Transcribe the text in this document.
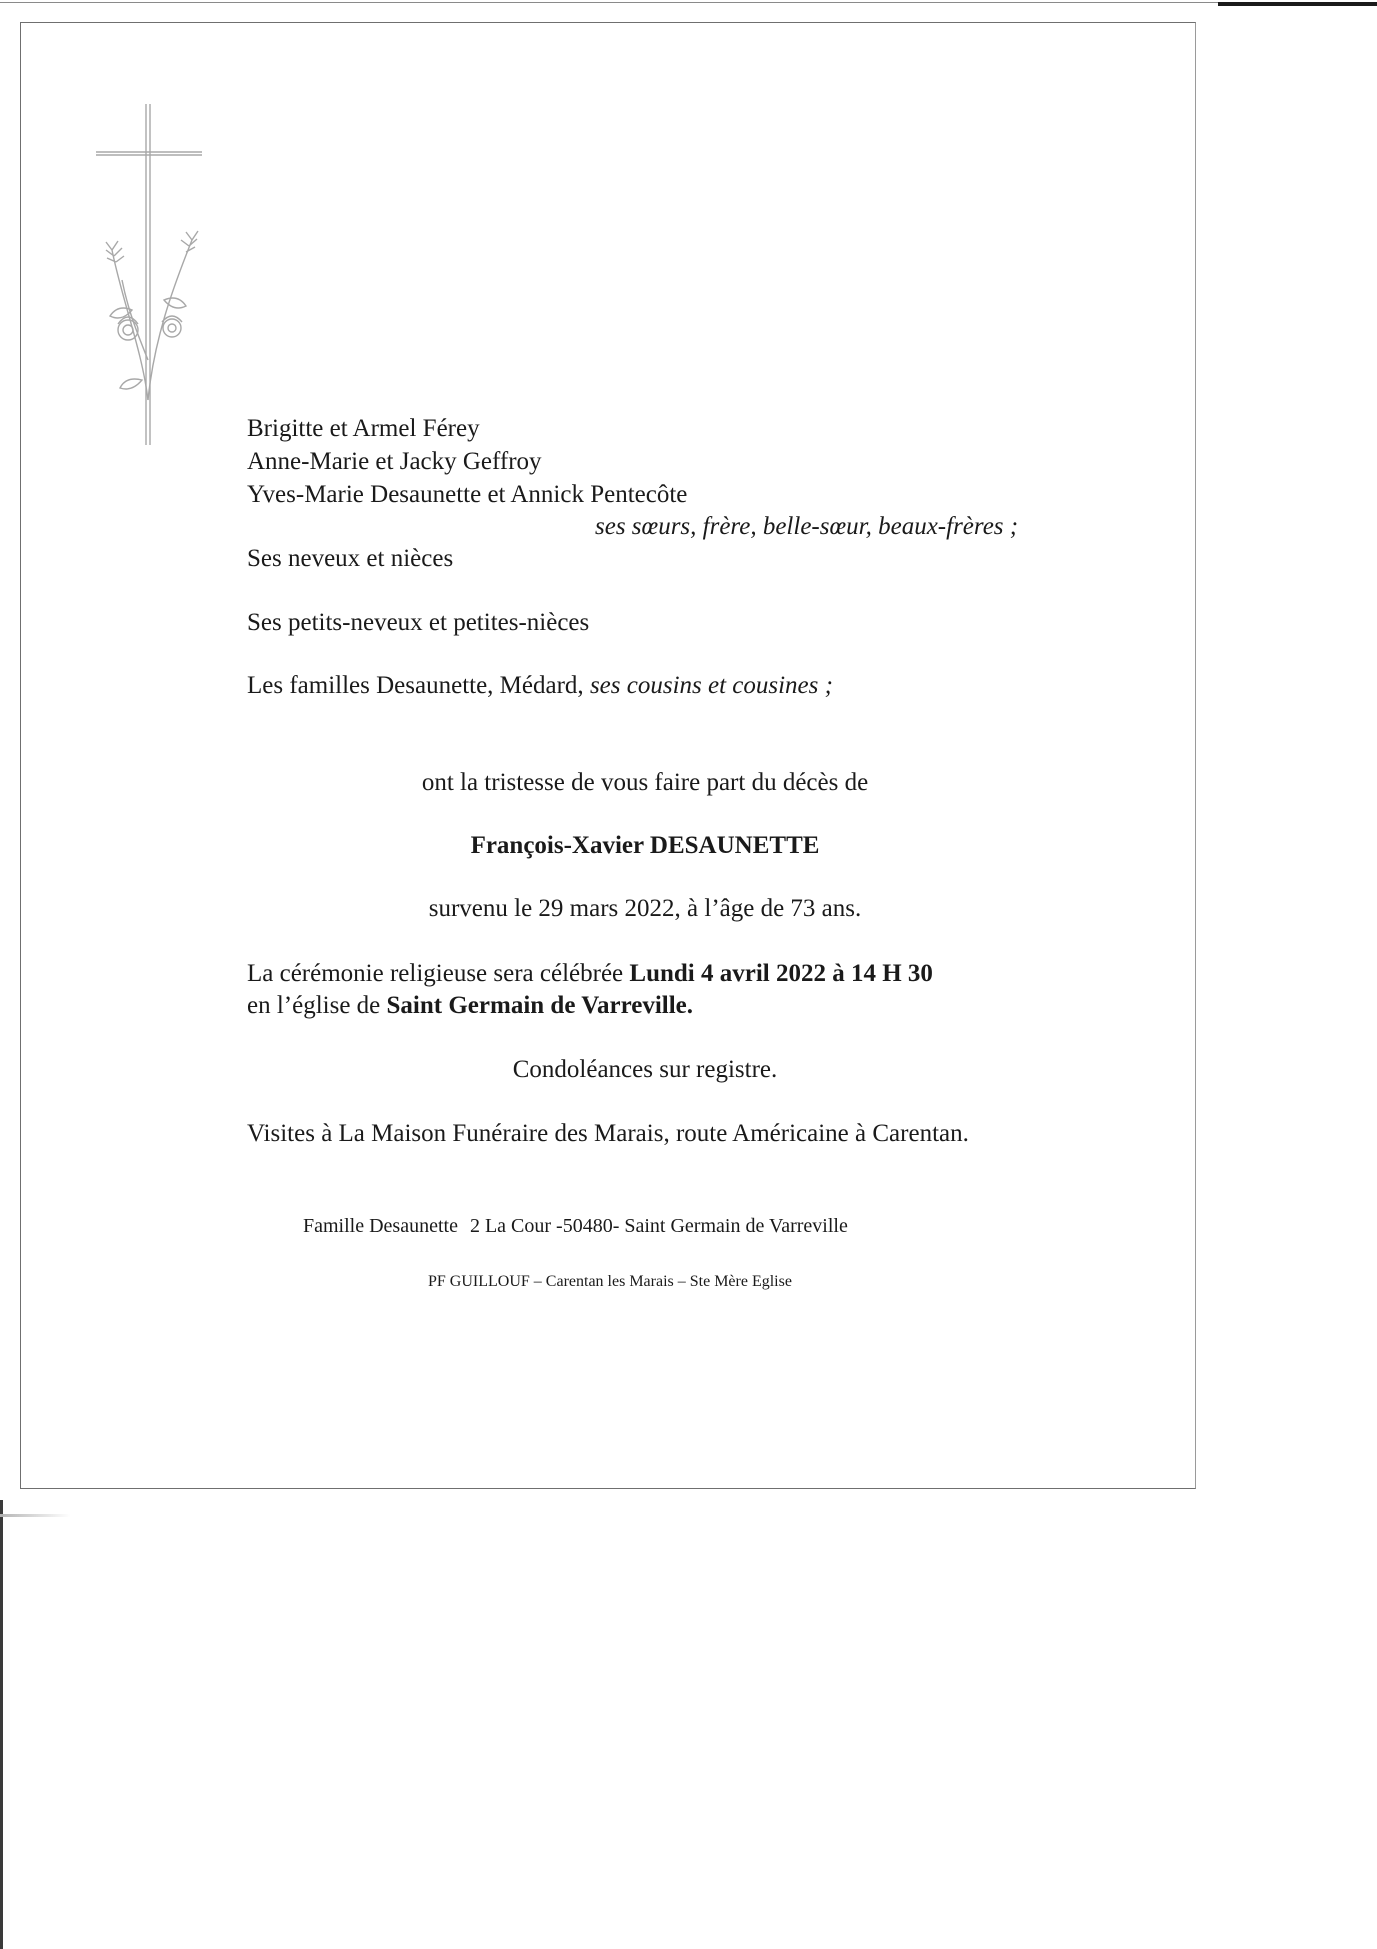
Brigitte et Armel Férey

Anne-Marie et Jacky Geffroy

Yves-Marie Desaunette et Annick Pentecôte

ses sœurs, frère, belle-sœur, beaux-frères ;

Ses neveux et nièces

Ses petits-neveux et petites-nièces

Les familles Desaunette, Médard, ses cousins et cousines ;

ont la tristesse de vous faire part du décès de

François-Xavier DESAUNETTE

survenu le 29 mars 2022, à l’âge de 73 ans.

La cérémonie religieuse sera célébrée Lundi 4 avril 2022 à 14 H 30

en l’église de Saint Germain de Varreville.

Condoléances sur registre.

Visites à La Maison Funéraire des Marais, route Américaine à Carentan.

Famille Desaunette 2 La Cour -50480- Saint Germain de Varreville

PF GUILLOUF – Carentan les Marais – Ste Mère Eglise
